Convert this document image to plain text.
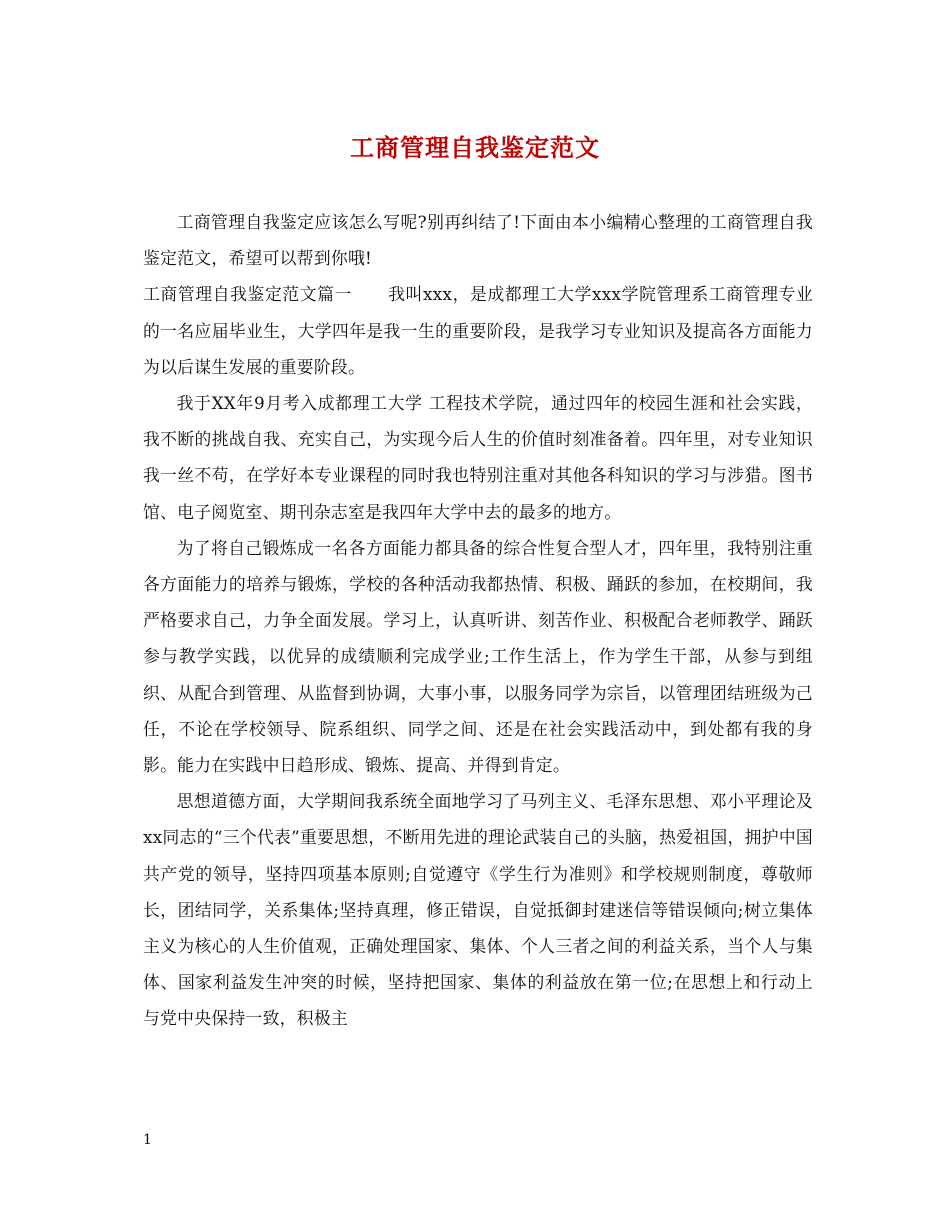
工商管理自我鉴定范文

工商管理自我鉴定应该怎么写呢?别再纠结了!下面由本小编精心整理的工商管理自我鉴定范文，希望可以帮到你哦!

工商管理自我鉴定范文篇一 我叫xxx，是成都理工大学xxx学院管理系工商管理专业的一名应届毕业生，大学四年是我一生的重要阶段，是我学习专业知识及提高各方面能力为以后谋生发展的重要阶段。

我于XX年9月考入成都理工大学 工程技术学院，通过四年的校园生涯和社会实践，我不断的挑战自我、充实自己，为实现今后人生的价值时刻准备着。四年里，对专业知识我一丝不苟，在学好本专业课程的同时我也特别注重对其他各科知识的学习与涉猎。图书馆、电子阅览室、期刊杂志室是我四年大学中去的最多的地方。

为了将自己锻炼成一名各方面能力都具备的综合性复合型人才，四年里，我特别注重各方面能力的培养与锻炼，学校的各种活动我都热情、积极、踊跃的参加，在校期间，我严格要求自己，力争全面发展。学习上，认真听讲、刻苦作业、积极配合老师教学、踊跃参与教学实践，以优异的成绩顺利完成学业;工作生活上，作为学生干部，从参与到组织、从配合到管理、从监督到协调，大事小事，以服务同学为宗旨，以管理团结班级为己任，不论在学校领导、院系组织、同学之间、还是在社会实践活动中，到处都有我的身影。能力在实践中日趋形成、锻炼、提高、并得到肯定。

思想道德方面，大学期间我系统全面地学习了马列主义、毛泽东思想、邓小平理论及xx同志的“三个代表”重要思想，不断用先进的理论武装自己的头脑，热爱祖国，拥护中国共产党的领导，坚持四项基本原则;自觉遵守《学生行为准则》和学校规则制度，尊敬师长，团结同学，关系集体;坚持真理，修正错误，自觉抵御封建迷信等错误倾向;树立集体主义为核心的人生价值观，正确处理国家、集体、个人三者之间的利益关系，当个人与集体、国家利益发生冲突的时候，坚持把国家、集体的利益放在第一位;在思想上和行动上与党中央保持一致，积极主

1
